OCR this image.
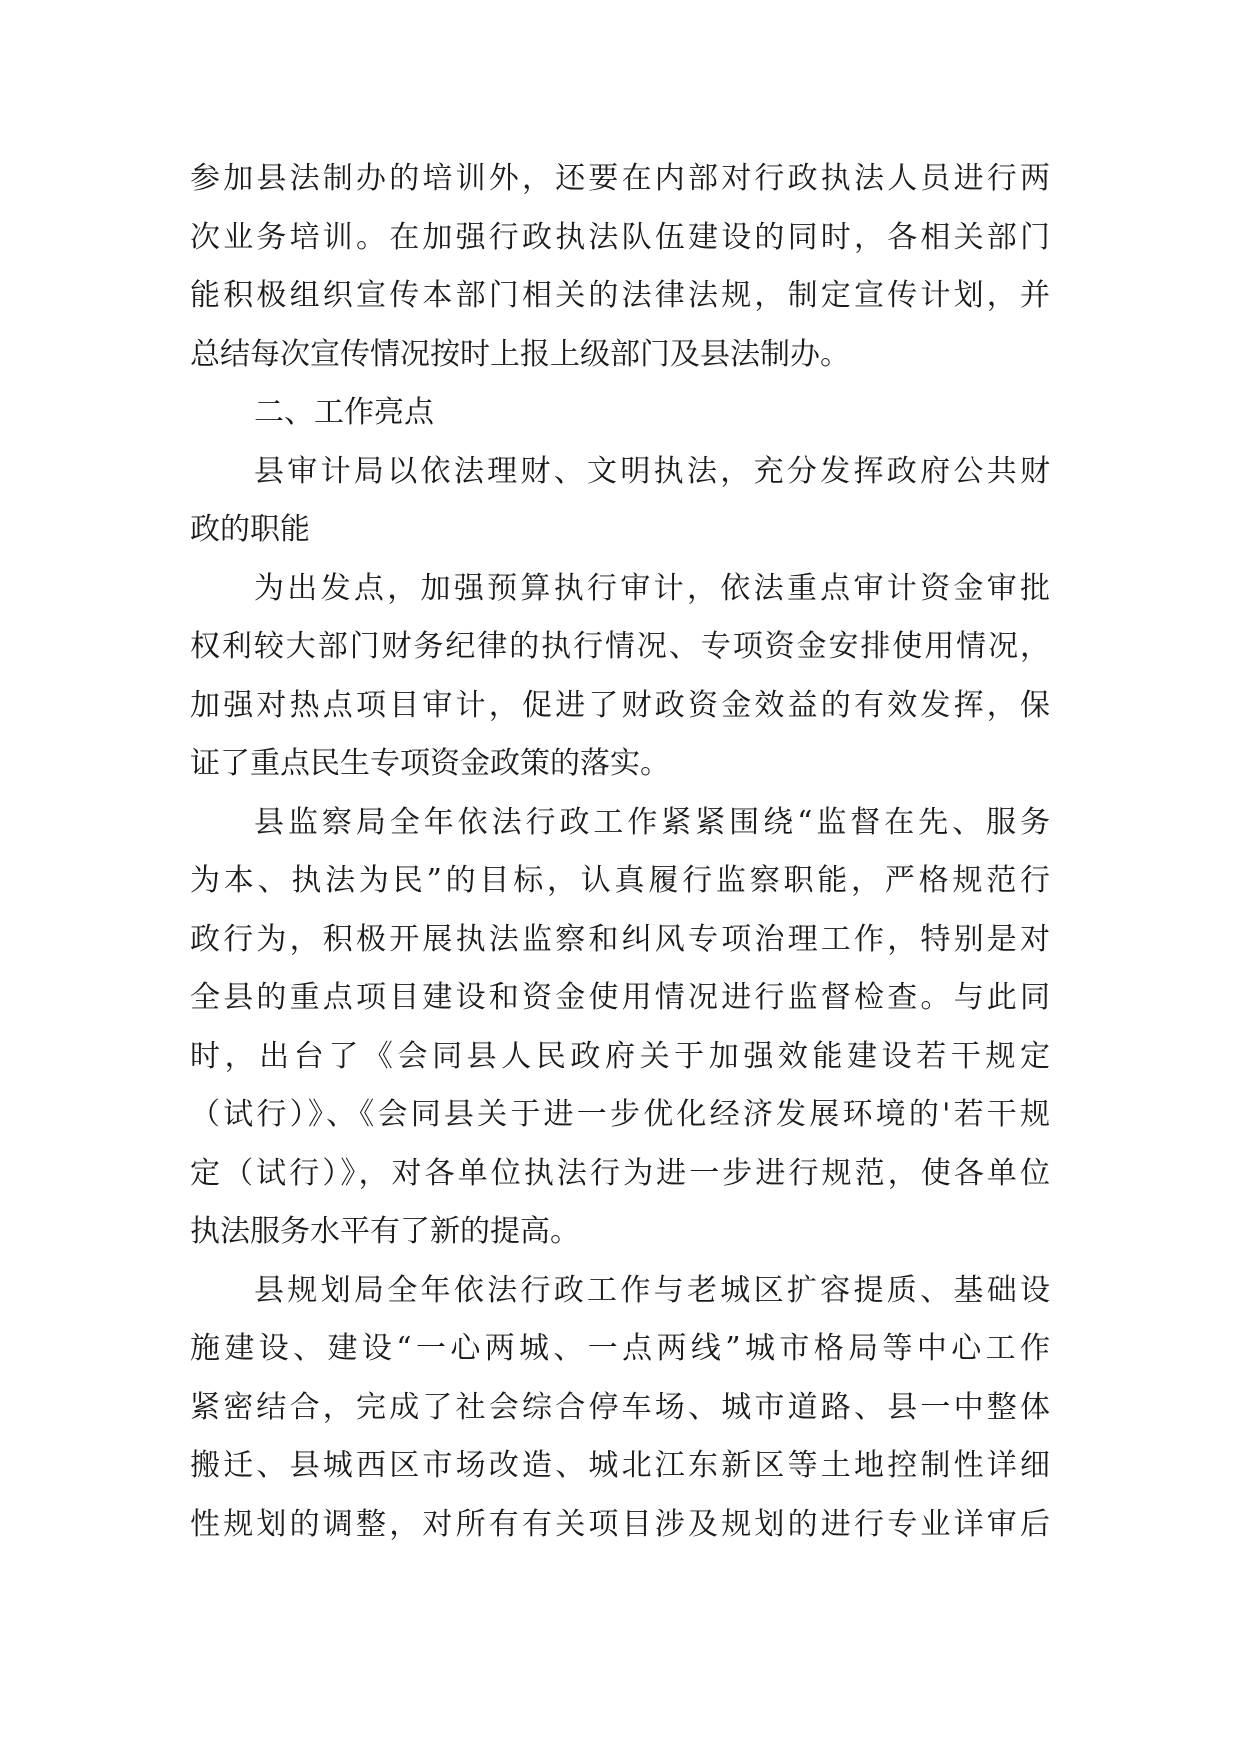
参加县法制办的培训外，还要在内部对行政执法人员进行两
次业务培训。在加强行政执法队伍建设的同时，各相关部门
能积极组织宣传本部门相关的法律法规，制定宣传计划，并
总结每次宣传情况按时上报上级部门及县法制办。
二、工作亮点
县审计局以依法理财、文明执法，充分发挥政府公共财
政的职能
为出发点，加强预算执行审计，依法重点审计资金审批
权利较大部门财务纪律的执行情况、专项资金安排使用情况，
加强对热点项目审计，促进了财政资金效益的有效发挥，保
证了重点民生专项资金政策的落实。
县监察局全年依法行政工作紧紧围绕“监督在先、服务
为本、执法为民”的目标，认真履行监察职能，严格规范行
政行为，积极开展执法监察和纠风专项治理工作，特别是对
全县的重点项目建设和资金使用情况进行监督检查。与此同
时，出台了《会同县人民政府关于加强效能建设若干规定
（试行）》、《会同县关于进一步优化经济发展环境的'若干规
定（试行）》，对各单位执法行为进一步进行规范，使各单位
执法服务水平有了新的提高。
县规划局全年依法行政工作与老城区扩容提质、基础设
施建设、建设“一心两城、一点两线”城市格局等中心工作
紧密结合，完成了社会综合停车场、城市道路、县一中整体
搬迁、县城西区市场改造、城北江东新区等土地控制性详细
性规划的调整，对所有有关项目涉及规划的进行专业详审后
